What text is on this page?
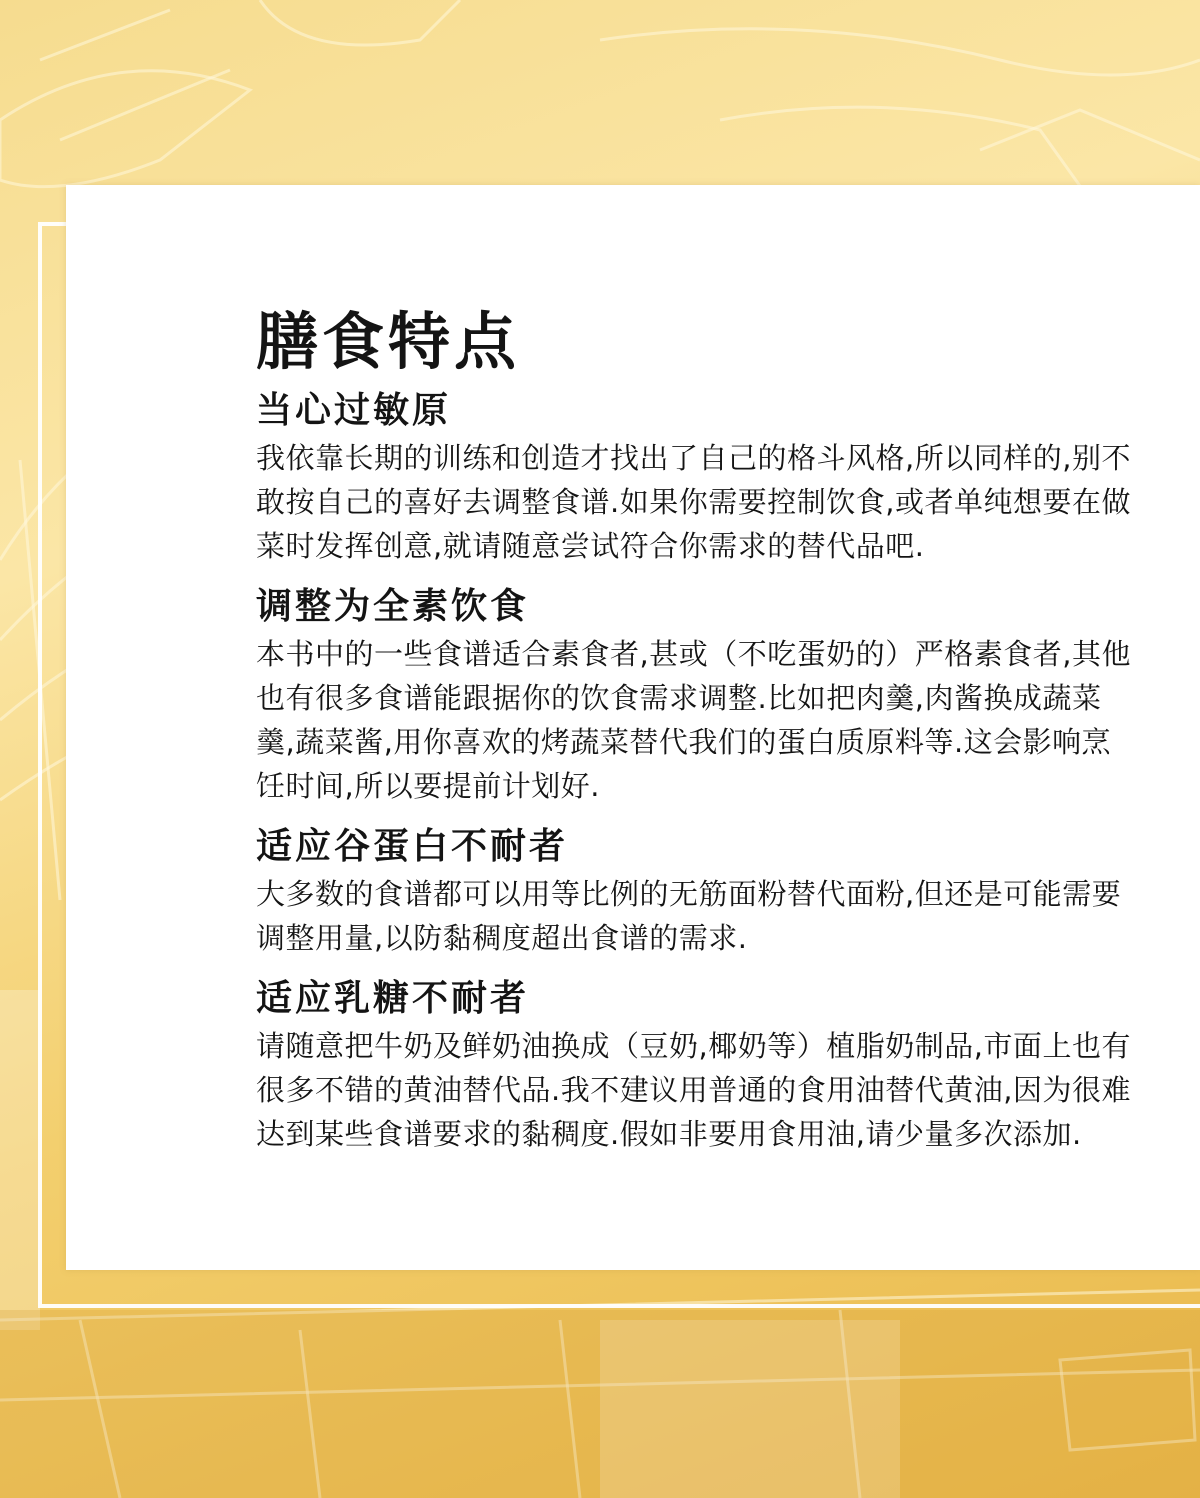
膳食特点
当心过敏原

我依靠长期的训练和创造才找出了自己的格斗风格,所以同样的,别不敢按自己的喜好去调整食谱.如果你需要控制饮食,或者单纯想要在做菜时发挥创意,就请随意尝试符合你需求的替代品吧.

调整为全素饮食

本书中的一些食谱适合素食者,甚或（不吃蛋奶的）严格素食者,其他也有很多食谱能跟据你的饮食需求调整.比如把肉羹,肉酱换成蔬菜羹,蔬菜酱,用你喜欢的烤蔬菜替代我们的蛋白质原料等.这会影响烹饪时间,所以要提前计划好.

适应谷蛋白不耐者

大多数的食谱都可以用等比例的无筋面粉替代面粉,但还是可能需要调整用量,以防黏稠度超出食谱的需求.

适应乳糖不耐者

请随意把牛奶及鲜奶油换成（豆奶,椰奶等）植脂奶制品,市面上也有很多不错的黄油替代品.我不建议用普通的食用油替代黄油,因为很难达到某些食谱要求的黏稠度.假如非要用食用油,请少量多次添加.
